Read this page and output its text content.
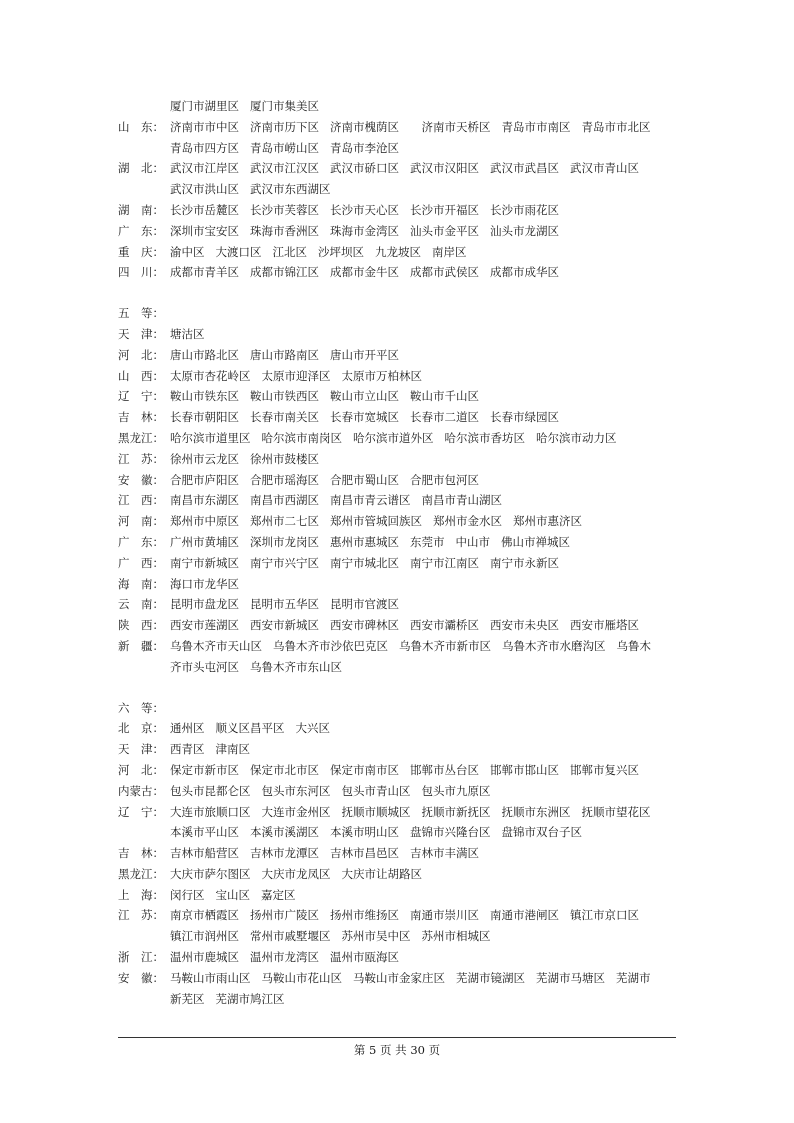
厦门市湖里区 厦门市集美区
山　东： 济南市市中区 济南市历下区 济南市槐荫区　济南市天桥区 青岛市市南区 青岛市市北区
青岛市四方区 青岛市崂山区 青岛市李沧区
湖　北： 武汉市江岸区 武汉市江汉区 武汉市硚口区 武汉市汉阳区 武汉市武昌区 武汉市青山区
武汉市洪山区 武汉市东西湖区
湖　南： 长沙市岳麓区 长沙市芙蓉区 长沙市天心区 长沙市开福区 长沙市雨花区
广　东： 深圳市宝安区 珠海市香洲区 珠海市金湾区 汕头市金平区 汕头市龙湖区
重　庆： 渝中区 大渡口区 江北区 沙坪坝区 九龙坡区 南岸区
四　川： 成都市青羊区 成都市锦江区 成都市金牛区 成都市武侯区 成都市成华区
五　等：
天　津： 塘沽区
河　北： 唐山市路北区 唐山市路南区 唐山市开平区
山　西： 太原市杏花岭区 太原市迎泽区 太原市万柏林区
辽　宁： 鞍山市铁东区 鞍山市铁西区 鞍山市立山区 鞍山市千山区
吉　林： 长春市朝阳区 长春市南关区 长春市宽城区 长春市二道区 长春市绿园区
黑龙江： 哈尔滨市道里区 哈尔滨市南岗区 哈尔滨市道外区 哈尔滨市香坊区 哈尔滨市动力区
江　苏： 徐州市云龙区 徐州市鼓楼区
安　徽： 合肥市庐阳区 合肥市瑶海区 合肥市蜀山区 合肥市包河区
江　西： 南昌市东湖区 南昌市西湖区 南昌市青云谱区 南昌市青山湖区
河　南： 郑州市中原区 郑州市二七区 郑州市管城回族区 郑州市金水区 郑州市惠济区
广　东： 广州市黄埔区 深圳市龙岗区 惠州市惠城区 东莞市 中山市 佛山市禅城区
广　西： 南宁市新城区 南宁市兴宁区 南宁市城北区 南宁市江南区 南宁市永新区
海　南： 海口市龙华区
云　南： 昆明市盘龙区 昆明市五华区 昆明市官渡区
陕　西： 西安市莲湖区 西安市新城区 西安市碑林区 西安市灞桥区 西安市未央区 西安市雁塔区
新　疆： 乌鲁木齐市天山区 乌鲁木齐市沙依巴克区 乌鲁木齐市新市区 乌鲁木齐市水磨沟区 乌鲁木
齐市头屯河区 乌鲁木齐市东山区
六　等：
北　京： 通州区 顺义区昌平区 大兴区
天　津： 西青区 津南区
河　北： 保定市新市区 保定市北市区 保定市南市区 邯郸市丛台区 邯郸市邯山区 邯郸市复兴区
内蒙古： 包头市昆都仑区 包头市东河区 包头市青山区 包头市九原区
辽　宁： 大连市旅顺口区 大连市金州区 抚顺市顺城区 抚顺市新抚区 抚顺市东洲区 抚顺市望花区
本溪市平山区 本溪市溪湖区 本溪市明山区 盘锦市兴隆台区 盘锦市双台子区
吉　林： 吉林市船营区 吉林市龙潭区 吉林市昌邑区 吉林市丰满区
黑龙江： 大庆市萨尔图区 大庆市龙凤区 大庆市让胡路区
上　海： 闵行区 宝山区 嘉定区
江　苏： 南京市栖霞区 扬州市广陵区 扬州市维扬区 南通市崇川区 南通市港闸区 镇江市京口区
镇江市润州区 常州市戚墅堰区 苏州市吴中区 苏州市相城区
浙　江： 温州市鹿城区 温州市龙湾区 温州市瓯海区
安　徽： 马鞍山市雨山区 马鞍山市花山区 马鞍山市金家庄区 芜湖市镜湖区 芜湖市马塘区 芜湖市
新芜区 芜湖市鸠江区
第 5 页 共 30 页
